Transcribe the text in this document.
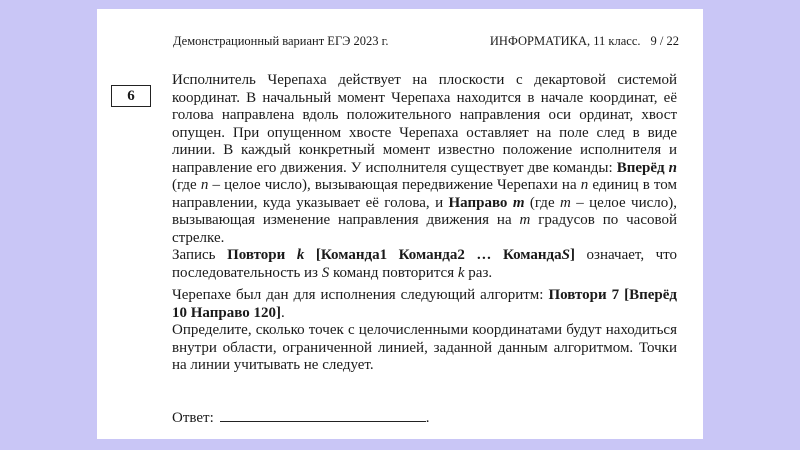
Демонстрационный вариант ЕГЭ 2023 г.	ИНФОРМАТИКА, 11 класс. 9 / 22
6

Исполнитель Черепаха действует на плоскости с декартовой системой координат. В начальный момент Черепаха находится в начале координат, её голова направлена вдоль положительного направления оси ординат, хвост опущен. При опущенном хвосте Черепаха оставляет на поле след в виде линии. В каждый конкретный момент известно положение исполнителя и направление его движения. У исполнителя существует две команды: Вперёд n (где n – целое число), вызывающая передвижение Черепахи на n единиц в том направлении, куда указывает её голова, и Направо m (где m – целое число), вызывающая изменение направления движения на m градусов по часовой стрелке.

Запись Повтори k [Команда1 Команда2 … КомандаS] означает, что последовательность из S команд повторится k раз.

Черепахе был дан для исполнения следующий алгоритм: Повтори 7 [Вперёд 10 Направо 120].

Определите, сколько точек с целочисленными координатами будут находиться внутри области, ограниченной линией, заданной данным алгоритмом. Точки на линии учитывать не следует.

Ответ:	.
